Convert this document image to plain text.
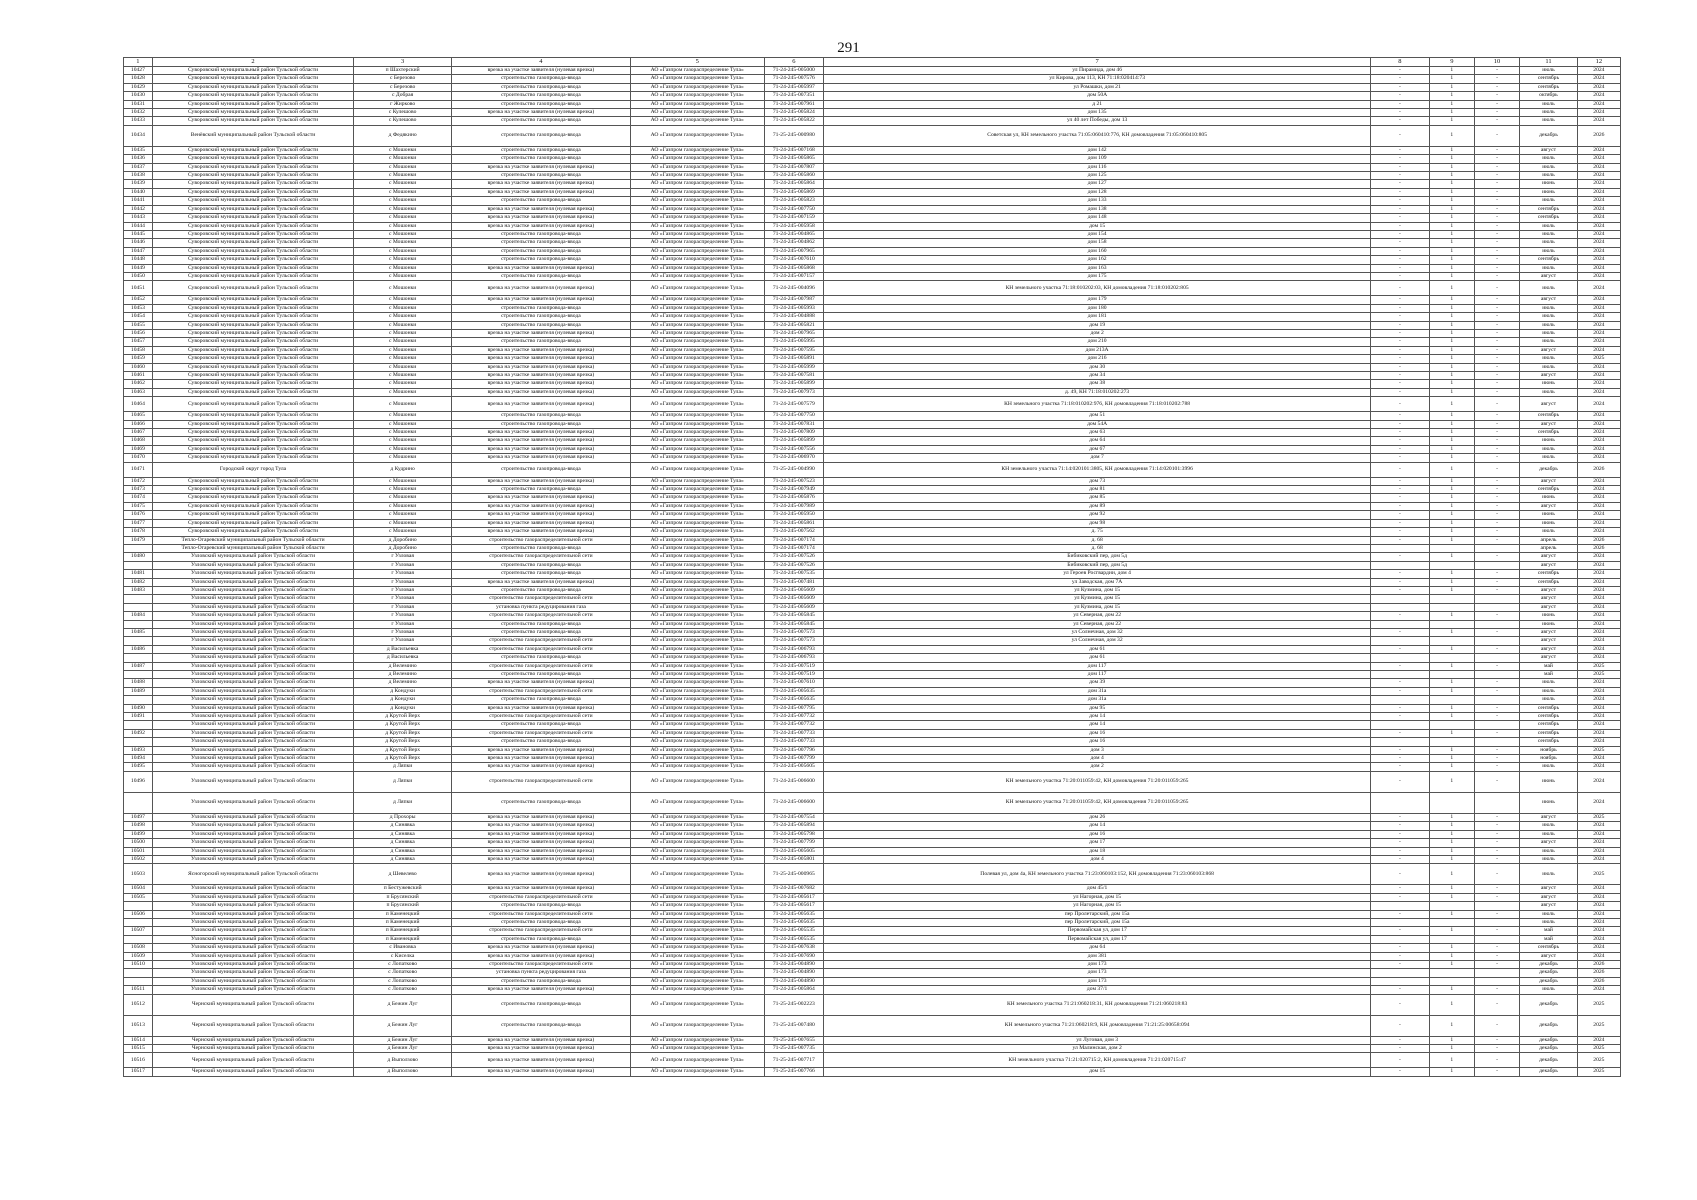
291
1	2	3	4	5	6	7	8	9	10	11	12
10427	Суворовский муниципальный район Тульской области	п Шахтерский	врезка на участке заявителя (нулевая врезка)	АО «Газпром газораспределение Тула»	71-24-245-005000	ул Пирамида, дом 46	-	1	-	июль	2024
10428	Суворовский муниципальный район Тульской области	с Березово	строительство газопровода-ввода	АО «Газпром газораспределение Тула»	71-24-245-007576	ул Кирова, дом 113, КН 71:18:020414:73	-	1	-	сентябрь	2024
10429	Суворовский муниципальный район Тульской области	с Березово	строительство газопровода-ввода	АО «Газпром газораспределение Тула»	71-24-245-005997	ул Ромашки, дом 21	-	1	-	сентябрь	2024
10430	Суворовский муниципальный район Тульской области	с Добрая	строительство газопровода-ввода	АО «Газпром газораспределение Тула»	71-24-245-007351	дом 50А	-	1	-	октябрь	2024
10431	Суворовский муниципальный район Тульской области	г Жирково	строительство газопровода-ввода	АО «Газпром газораспределение Тула»	71-24-245-007961	д 21	-	1	-	июль	2024
10432	Суворовский муниципальный район Тульской области	с Кулешово	врезка на участке заявителя (нулевая врезка)	АО «Газпром газораспределение Тула»	71-24-245-005824	дом 135	-	1	-	июль	2024
10433	Суворовский муниципальный район Тульской области	с Кулешово	строительство газопровода-ввода	АО «Газпром газораспределение Тула»	71-24-245-005822	ул 40 лет Победы, дом 13	-	1	-	июль	2024
10434	Венёвский муниципальный район Тульской области	д Федякино	строительство газопровода-ввода	АО «Газпром газораспределение Тула»	71-25-245-000980	Советская ул, КН земельного участка 71:05:060410:776, КН домовладения 71:05:060410:805	-	1	-	декабрь	2026
10435	Суворовский муниципальный район Тульской области	с Мошонки	строительство газопровода-ввода	АО «Газпром газораспределение Тула»	71-24-245-007168	дом 142	-	1	-	август	2024
10436	Суворовский муниципальный район Тульской области	с Мошонки	строительство газопровода-ввода	АО «Газпром газораспределение Тула»	71-24-245-005865	дом 109	-	1	-	июль	2024
10437	Суворовский муниципальный район Тульской области	с Мошонки	врезка на участке заявителя (нулевая врезка)	АО «Газпром газораспределение Тула»	71-24-245-007807	дом 116	-	1	-	июль	2024
10438	Суворовский муниципальный район Тульской области	с Мошонки	строительство газопровода-ввода	АО «Газпром газораспределение Тула»	71-24-245-005860	дом 125	-	1	-	июль	2024
10439	Суворовский муниципальный район Тульской области	с Мошонки	врезка на участке заявителя (нулевая врезка)	АО «Газпром газораспределение Тула»	71-24-245-005864	дом 127	-	1	-	июнь	2024
10440	Суворовский муниципальный район Тульской области	с Мошонки	врезка на участке заявителя (нулевая врезка)	АО «Газпром газораспределение Тула»	71-24-245-005869	дом 128	-	1	-	июнь	2024
10441	Суворовский муниципальный район Тульской области	с Мошонки	строительство газопровода-ввода	АО «Газпром газораспределение Тула»	71-24-245-005823	дом 133	-	1	-	июль	2024
10442	Суворовский муниципальный район Тульской области	с Мошонки	врезка на участке заявителя (нулевая врезка)	АО «Газпром газораспределение Тула»	71-24-245-007750	дом 138	-	1	-	сентябрь	2024
10443	Суворовский муниципальный район Тульской области	с Мошонки	врезка на участке заявителя (нулевая врезка)	АО «Газпром газораспределение Тула»	71-24-245-007159	дом 148	-	1	-	сентябрь	2024
10444	Суворовский муниципальный район Тульской области	с Мошонки	врезка на участке заявителя (нулевая врезка)	АО «Газпром газораспределение Тула»	71-24-245-005958	дом 15	-	1	-	июль	2024
10445	Суворовский муниципальный район Тульской области	с Мошонки	строительство газопровода-ввода	АО «Газпром газораспределение Тула»	71-24-245-004865	дом 154	-	1	-	июль	2024
10446	Суворовский муниципальный район Тульской области	с Мошонки	строительство газопровода-ввода	АО «Газпром газораспределение Тула»	71-24-245-004862	дом 158	-	1	-	июль	2024
10447	Суворовский муниципальный район Тульской области	с Мошонки	строительство газопровода-ввода	АО «Газпром газораспределение Тула»	71-24-245-007965	дом 160	-	1	-	июль	2024
10448	Суворовский муниципальный район Тульской области	с Мошонки	строительство газопровода-ввода	АО «Газпром газораспределение Тула»	71-24-245-007610	дом 162	-	1	-	сентябрь	2024
10449	Суворовский муниципальный район Тульской области	с Мошонки	врезка на участке заявителя (нулевая врезка)	АО «Газпром газораспределение Тула»	71-24-245-005868	дом 163	-	1	-	июль	2024
10450	Суворовский муниципальный район Тульской области	с Мошонки	строительство газопровода-ввода	АО «Газпром газораспределение Тула»	71-24-245-007157	дом 175	-	1	-	август	2024
10451	Суворовский муниципальный район Тульской области	с Мошонки	врезка на участке заявителя (нулевая врезка)	АО «Газпром газораспределение Тула»	71-24-245-004096	КН земельного участка 71:18:010202:03, КН домовладения 71:18:010202:805	-	1	-	июль	2024
10452	Суворовский муниципальный район Тульской области	с Мошонки	врезка на участке заявителя (нулевая врезка)	АО «Газпром газораспределение Тула»	71-24-245-007987	дом 179	-	1	-	август	2024
10453	Суворовский муниципальный район Тульской области	с Мошонки	строительство газопровода-ввода	АО «Газпром газораспределение Тула»	71-24-245-005993	дом 180	-	1	-	июль	2024
10454	Суворовский муниципальный район Тульской области	с Мошонки	строительство газопровода-ввода	АО «Газпром газораспределение Тула»	71-24-245-004888	дом 181	-	1	-	июль	2024
10455	Суворовский муниципальный район Тульской области	с Мошонки	строительство газопровода-ввода	АО «Газпром газораспределение Тула»	71-24-245-005821	дом 19	-	1	-	июль	2024
10456	Суворовский муниципальный район Тульской области	с Мошонки	врезка на участке заявителя (нулевая врезка)	АО «Газпром газораспределение Тула»	71-24-245-007965	дом 2	-	1	-	июль	2024
10457	Суворовский муниципальный район Тульской области	с Мошонки	строительство газопровода-ввода	АО «Газпром газораспределение Тула»	71-24-245-005995	дом 210	-	1	-	июль	2024
10458	Суворовский муниципальный район Тульской области	с Мошонки	врезка на участке заявителя (нулевая врезка)	АО «Газпром газораспределение Тула»	71-24-245-007595	дом 213А	-	1	-	август	2024
10459	Суворовский муниципальный район Тульской области	с Мошонки	врезка на участке заявителя (нулевая врезка)	АО «Газпром газораспределение Тула»	71-24-245-005891	дом 216	-	1	-	июль	2025
10460	Суворовский муниципальный район Тульской области	с Мошонки	врезка на участке заявителя (нулевая врезка)	АО «Газпром газораспределение Тула»	71-24-245-005999	дом 30	-	1	-	июль	2024
10461	Суворовский муниципальный район Тульской области	с Мошонки	врезка на участке заявителя (нулевая врезка)	АО «Газпром газораспределение Тула»	71-24-245-007581	дом 34	-	1	-	август	2024
10462	Суворовский муниципальный район Тульской области	с Мошонки	врезка на участке заявителя (нулевая врезка)	АО «Газпром газораспределение Тула»	71-24-245-005899	дом 38	-	1	-	июнь	2024
10463	Суворовский муниципальный район Тульской области	с Мошонки	врезка на участке заявителя (нулевая врезка)	АО «Газпром газораспределение Тула»	71-24-245-007973	д. 49, КН 71:18:010202:273	-	1	-	июль	2024
10464	Суворовский муниципальный район Тульской области	с Мошонки	врезка на участке заявителя (нулевая врезка)	АО «Газпром газораспределение Тула»	71-24-245-007579	КН земельного участка 71:18:010202:976, КН домовладения 71:18:010202:788	-	1	-	август	2024
10465	Суворовский муниципальный район Тульской области	с Мошонки	строительство газопровода-ввода	АО «Газпром газораспределение Тула»	71-24-245-007750	дом 51	-	1	-	сентябрь	2024
10466	Суворовский муниципальный район Тульской области	с Мошонки	строительство газопровода-ввода	АО «Газпром газораспределение Тула»	71-24-245-007831	дом 54А	-	1	-	август	2024
10467	Суворовский муниципальный район Тульской области	с Мошонки	врезка на участке заявителя (нулевая врезка)	АО «Газпром газораспределение Тула»	71-24-245-007809	дом 63	-	1	-	сентябрь	2024
10468	Суворовский муниципальный район Тульской области	с Мошонки	врезка на участке заявителя (нулевая врезка)	АО «Газпром газораспределение Тула»	71-24-245-005899	дом 64	-	1	-	июнь	2024
10469	Суворовский муниципальный район Тульской области	с Мошонки	врезка на участке заявителя (нулевая врезка)	АО «Газпром газораспределение Тула»	71-24-245-007556	дом 67	-	1	-	июль	2024
10470	Суворовский муниципальный район Тульской области	с Мошонки	врезка на участке заявителя (нулевая врезка)	АО «Газпром газораспределение Тула»	71-24-245-006970	дом 7	-	1	-	июль	2024
10471	Городской округ город Тула	д Кудрино	строительство газопровода-ввода	АО «Газпром газораспределение Тула»	71-25-245-004990	КН земельного участка 71:14:020101:3805, КН домовладения 71:14:020101:3996	-	1	-	декабрь	2026
10472	Суворовский муниципальный район Тульской области	с Мошонки	врезка на участке заявителя (нулевая врезка)	АО «Газпром газораспределение Тула»	71-24-245-007523	дом 73	-	1	-	август	2024
10473	Суворовский муниципальный район Тульской области	с Мошонки	строительство газопровода-ввода	АО «Газпром газораспределение Тула»	71-24-245-007949	дом 81	-	1	-	сентябрь	2024
10474	Суворовский муниципальный район Тульской области	с Мошонки	врезка на участке заявителя (нулевая врезка)	АО «Газпром газораспределение Тула»	71-24-245-005876	дом 85	-	1	-	июнь	2024
10475	Суворовский муниципальный район Тульской области	с Мошонки	врезка на участке заявителя (нулевая врезка)	АО «Газпром газораспределение Тула»	71-24-245-007989	дом 89	-	1	-	август	2024
10476	Суворовский муниципальный район Тульской области	с Мошонки	врезка на участке заявителя (нулевая врезка)	АО «Газпром газораспределение Тула»	71-24-245-005950	дом 92	-	1	-	июнь	2024
10477	Суворовский муниципальный район Тульской области	с Мошонки	врезка на участке заявителя (нулевая врезка)	АО «Газпром газораспределение Тула»	71-24-245-005861	дом 98	-	1	-	июнь	2024
10478	Суворовский муниципальный район Тульской области	с Мошонки	врезка на участке заявителя (нулевая врезка)	АО «Газпром газораспределение Тула»	71-24-245-007562	д. 75	-	1	-	июль	2024
10479	Тепло-Огаревский муниципальный район Тульской области	д Доробино	строительство газораспределительной сети	АО «Газпром газораспределение Тула»	71-24-245-007174	д. 68	-	1	-	апрель	2026
	Тепло-Огаревский муниципальный район Тульской области	д Доробино	строительство газопровода-ввода	АО «Газпром газораспределение Тула»	71-24-245-007174	д. 68				апрель	2026
10480	Узловский муниципальный район Тульской области	г Узловая	строительство газораспределительной сети	АО «Газпром газораспределение Тула»	71-24-245-007526	Бибиковский пер, дом 5д	-	1	-	август	2024
	Узловский муниципальный район Тульской области	г Узловая	строительство газопровода-ввода	АО «Газпром газораспределение Тула»	71-24-245-007526	Бибиковский пер, дом 5д				август	2024
10481	Узловский муниципальный район Тульской области	г Узловая	строительство газопровода-ввода	АО «Газпром газораспределение Тула»	71-24-245-007535	ул Героев Росгвардии, дом 4	-	1	-	сентябрь	2024
10482	Узловский муниципальный район Тульской области	г Узловая	врезка на участке заявителя (нулевая врезка)	АО «Газпром газораспределение Тула»	71-24-245-007481	ул Заводская, дом 7А	-	1	-	сентябрь	2024
10483	Узловский муниципальный район Тульской области	г Узловая	строительство газопровода-ввода	АО «Газпром газораспределение Тула»	71-24-245-005609	ул Кузмина, дом 15	-	1	-	август	2024
	Узловский муниципальный район Тульской области	г Узловая	строительство газораспределительной сети	АО «Газпром газораспределение Тула»	71-24-245-005609	ул Кузмина, дом 15				август	2024
	Узловский муниципальный район Тульской области	г Узловая	установка пункта редуцирования газа	АО «Газпром газораспределение Тула»	71-24-245-005609	ул Кузмина, дом 15				август	2024
10484	Узловский муниципальный район Тульской области	г Узловая	строительство газораспределительной сети	АО «Газпром газораспределение Тула»	71-24-245-005845	ул Северная, дом 22	-	1	-	июнь	2024
	Узловский муниципальный район Тульской области	г Узловая	строительство газопровода-ввода	АО «Газпром газораспределение Тула»	71-24-245-005845	ул Северная, дом 22				июнь	2024
10485	Узловский муниципальный район Тульской области	г Узловая	строительство газопровода-ввода	АО «Газпром газораспределение Тула»	71-24-245-007573	ул Солнечная, дом 32	-	1	-	август	2024
	Узловский муниципальный район Тульской области	г Узловая	строительство газораспределительной сети	АО «Газпром газораспределение Тула»	71-24-245-007573	ул Солнечная, дом 32				август	2024
10486	Узловский муниципальный район Тульской области	д Васильевка	строительство газораспределительной сети	АО «Газпром газораспределение Тула»	71-24-245-006793	дом 61	-	1	-	август	2024
	Узловский муниципальный район Тульской области	д Васильевка	строительство газопровода-ввода	АО «Газпром газораспределение Тула»	71-24-245-006793	дом 61				август	2024
10487	Узловский муниципальный район Тульской области	д Велемино	строительство газораспределительной сети	АО «Газпром газораспределение Тула»	71-24-245-007519	дом 117	-	1	-	май	2025
	Узловский муниципальный район Тульской области	д Велемино	строительство газопровода-ввода	АО «Газпром газораспределение Тула»	71-24-245-007519	дом 117				май	2025
10488	Узловский муниципальный район Тульской области	д Велемино	врезка на участке заявителя (нулевая врезка)	АО «Газпром газораспределение Тула»	71-24-245-007610	дом 39	-	1	-	июль	2024
10489	Узловский муниципальный район Тульской области	д Кондуки	строительство газораспределительной сети	АО «Газпром газораспределение Тула»	71-24-245-005635	дом 31а	-	1	-	июль	2024
	Узловский муниципальный район Тульской области	д Кондуки	строительство газопровода-ввода	АО «Газпром газораспределение Тула»	71-24-245-005635	дом 31а				июль	2024
10490	Узловский муниципальный район Тульской области	д Кондуки	врезка на участке заявителя (нулевая врезка)	АО «Газпром газораспределение Тула»	71-24-245-007795	дом 95	-	1	-	сентябрь	2024
10491	Узловский муниципальный район Тульской области	д Крутой Верх	строительство газораспределительной сети	АО «Газпром газораспределение Тула»	71-24-245-007732	дом 14	-	1	-	сентябрь	2024
	Узловский муниципальный район Тульской области	д Крутой Верх	строительство газопровода-ввода	АО «Газпром газораспределение Тула»	71-24-245-007732	дом 14				сентябрь	2024
10492	Узловский муниципальный район Тульской области	д Крутой Верх	строительство газораспределительной сети	АО «Газпром газораспределение Тула»	71-24-245-007733	дом 16	-	1	-	сентябрь	2024
	Узловский муниципальный район Тульской области	д Крутой Верх	строительство газопровода-ввода	АО «Газпром газораспределение Тула»	71-24-245-007733	дом 16				сентябрь	2024
10493	Узловский муниципальный район Тульской области	д Крутой Верх	врезка на участке заявителя (нулевая врезка)	АО «Газпром газораспределение Тула»	71-24-245-007796	дом 3	-	1	-	ноябрь	2025
10494	Узловский муниципальный район Тульской области	д Крутой Верх	врезка на участке заявителя (нулевая врезка)	АО «Газпром газораспределение Тула»	71-24-245-007799	дом 4	-	1	-	ноябрь	2024
10495	Узловский муниципальный район Тульской области	д Ляпки	врезка на участке заявителя (нулевая врезка)	АО «Газпром газораспределение Тула»	71-24-245-005605	дом 2	-	1	-	июль	2024
10496	Узловский муниципальный район Тульской области	д Ляпки	строительство газораспределительной сети	АО «Газпром газораспределение Тула»	71-24-245-006600	КН земельного участка 71:20:011059:42, КН домовладения 71:20:011059:265	-	1	-	июнь	2024
	Узловский муниципальный район Тульской области	д Ляпки	строительство газопровода-ввода	АО «Газпром газораспределение Тула»	71-24-245-006600	КН земельного участка 71:20:011059:42, КН домовладения 71:20:011059:265				июнь	2024
10497	Узловский муниципальный район Тульской области	д Прохоры	врезка на участке заявителя (нулевая врезка)	АО «Газпром газораспределение Тула»	71-24-245-007554	дом 26	-	1	-	август	2025
10498	Узловский муниципальный район Тульской области	д Синявка	врезка на участке заявителя (нулевая врезка)	АО «Газпром газораспределение Тула»	71-24-245-005894	дом 14	-	1	-	июль	2024
10499	Узловский муниципальный район Тульской области	д Синявка	врезка на участке заявителя (нулевая врезка)	АО «Газпром газораспределение Тула»	71-24-245-005798	дом 16	-	1	-	июль	2024
10500	Узловский муниципальный район Тульской области	д Синявка	врезка на участке заявителя (нулевая врезка)	АО «Газпром газораспределение Тула»	71-24-245-007799	дом 17	-	1	-	август	2024
10501	Узловский муниципальный район Тульской области	д Синявка	врезка на участке заявителя (нулевая врезка)	АО «Газпром газораспределение Тула»	71-24-245-005605	дом 18	-	1	-	июль	2024
10502	Узловский муниципальный район Тульской области	д Синявка	врезка на участке заявителя (нулевая врезка)	АО «Газпром газораспределение Тула»	71-24-245-005801	дом 4	-	1	-	июль	2024
10503	Ясногорский муниципальный район Тульской области	д Шевелево	врезка на участке заявителя (нулевая врезка)	АО «Газпром газораспределение Тула»	71-25-245-000965	Полевая ул, дом 4а, КН земельного участка 71:23:060103:152, КН домовладения 71:23:060103:868	-	1	-	июль	2025
10504	Узловский муниципальный район Тульской области	п Бестужевский	врезка на участке заявителя (нулевая врезка)	АО «Газпром газораспределение Тула»	71-24-245-007682	дом 45/1	-	1	-	август	2024
10505	Узловский муниципальный район Тульской области	п Брусянский	строительство газораспределительной сети	АО «Газпром газораспределение Тула»	71-24-245-005617	ул Нагорная, дом 15	-	1	-	август	2024
	Узловский муниципальный район Тульской области	п Брусянский	строительство газопровода-ввода	АО «Газпром газораспределение Тула»	71-24-245-005617	ул Нагорная, дом 15				август	2024
10506	Узловский муниципальный район Тульской области	п Каменецкий	строительство газораспределительной сети	АО «Газпром газораспределение Тула»	71-24-245-005635	пер Пролетарский, дом 15а	-	1	-	июль	2024
	Узловский муниципальный район Тульской области	п Каменецкий	строительство газопровода-ввода	АО «Газпром газораспределение Тула»	71-24-245-005635	пер Пролетарский, дом 15а				июль	2024
10507	Узловский муниципальный район Тульской области	п Каменецкий	строительство газораспределительной сети	АО «Газпром газораспределение Тула»	71-24-245-005535	Первомайская ул, дом 17	-	1	-	май	2024
	Узловский муниципальный район Тульской области	п Каменецкий	строительство газопровода-ввода	АО «Газпром газораспределение Тула»	71-24-245-005535	Первомайская ул, дом 17				май	2024
10508	Узловский муниципальный район Тульской области	с Ивановка	врезка на участке заявителя (нулевая врезка)	АО «Газпром газораспределение Тула»	71-24-245-007638	дом 64	-	1	-	сентябрь	2024
10509	Узловский муниципальный район Тульской области	с Киселка	врезка на участке заявителя (нулевая врезка)	АО «Газпром газораспределение Тула»	71-24-245-007690	дом 381	-	1	-	август	2024
10510	Узловский муниципальный район Тульской области	с Лопатково	строительство газораспределительной сети	АО «Газпром газораспределение Тула»	71-24-245-004890	дом 173	-	1	-	декабрь	2026
	Узловский муниципальный район Тульской области	с Лопатково	установка пункта редуцирования газа	АО «Газпром газораспределение Тула»	71-24-245-004890	дом 173				декабрь	2026
	Узловский муниципальный район Тульской области	с Лопатково	строительство газопровода-ввода	АО «Газпром газораспределение Тула»	71-24-245-004890	дом 173				декабрь	2026
10511	Узловский муниципальный район Тульской области	с Лопатково	врезка на участке заявителя (нулевая врезка)	АО «Газпром газораспределение Тула»	71-24-245-005864	дом 37/1	-	1	-	июль	2024
10512	Чернский муниципальный район Тульской области	д Бежин Луг	строительство газопровода-ввода	АО «Газпром газораспределение Тула»	71-25-245-002223	КН земельного участка 71:21:060218:31, КН домовладения 71:21:060218:83	-	1	-	декабрь	2025
10513	Чернский муниципальный район Тульской области	д Бежин Луг	строительство газопровода-ввода	АО «Газпром газораспределение Тула»	71-25-245-007480	КН земельного участка 71:21:060218:9, КН домовладения 71:21:25:00658:094	-	1	-	декабрь	2025
10514	Чернский муниципальный район Тульской области	д Бежин Луг	врезка на участке заявителя (нулевая врезка)	АО «Газпром газораспределение Тула»	71-25-245-007655	ул Луговая, дом 3	-	1	-	декабрь	2024
10515	Чернский муниципальный район Тульской области	д Бежин Луг	врезка на участке заявителя (нулевая врезка)	АО «Газпром газораспределение Тула»	71-25-245-007735	ул Малинская, дом 2	-	1	-	декабрь	2025
10516	Чернский муниципальный район Тульской области	д Выползово	врезка на участке заявителя (нулевая врезка)	АО «Газпром газораспределение Тула»	71-25-245-007717	КН земельного участка 71:21:020715:2, КН домовладения 71:21:020715:47	-	1	-	декабрь	2025
10517	Чернский муниципальный район Тульской области	д Выползово	врезка на участке заявителя (нулевая врезка)	АО «Газпром газораспределение Тула»	71-25-245-007766	дом 15	-	1	-	декабрь	2025
